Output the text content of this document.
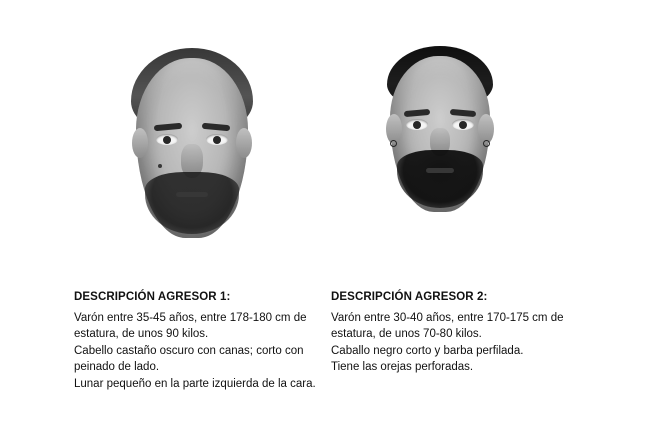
DESCRIPCIÓN AGRESOR 1:

Varón entre 35-45 años, entre 178-180 cm de

estatura, de unos 90 kilos.

Cabello castaño oscuro con canas; corto con

peinado de lado.

Lunar pequeño en la parte izquierda de la cara.

DESCRIPCIÓN AGRESOR 2:

Varón entre 30-40 años, entre 170-175 cm de

estatura, de unos 70-80 kilos.

Caballo negro corto y barba perfilada.

Tiene las orejas perforadas.
